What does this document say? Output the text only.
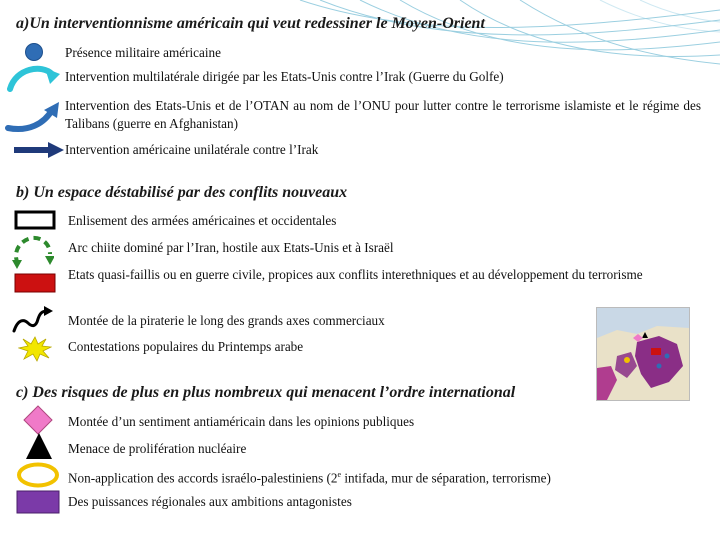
a)Un interventionnisme américain qui veut redessiner le Moyen-Orient
Présence militaire américaine
Intervention multilatérale dirigée par les Etats-Unis contre l’Irak (Guerre du Golfe)
Intervention des Etats-Unis et de l’OTAN au nom de l’ONU pour lutter contre le terrorisme islamiste et le régime des Talibans (guerre en Afghanistan)
Intervention américaine unilatérale contre l’Irak
b) Un espace déstabilisé par des conflits nouveaux
Enlisement des armées américaines et occidentales
Arc chiite dominé par l’Iran, hostile aux Etats-Unis et à Israël
Etats quasi-faillis ou en guerre civile, propices aux conflits interethniques et au développement du terrorisme
Montée de la piraterie le long des grands axes commerciaux
Contestations populaires du Printemps arabe
c) Des risques de plus en plus nombreux qui menacent l’ordre international
Montée d’un sentiment antiaméricain dans les opinions publiques
Menace de prolifération nucléaire
Non-application des accords israélo-palestiniens (2e intifada, mur de séparation, terrorisme)
Des puissances régionales aux ambitions antagonistes
